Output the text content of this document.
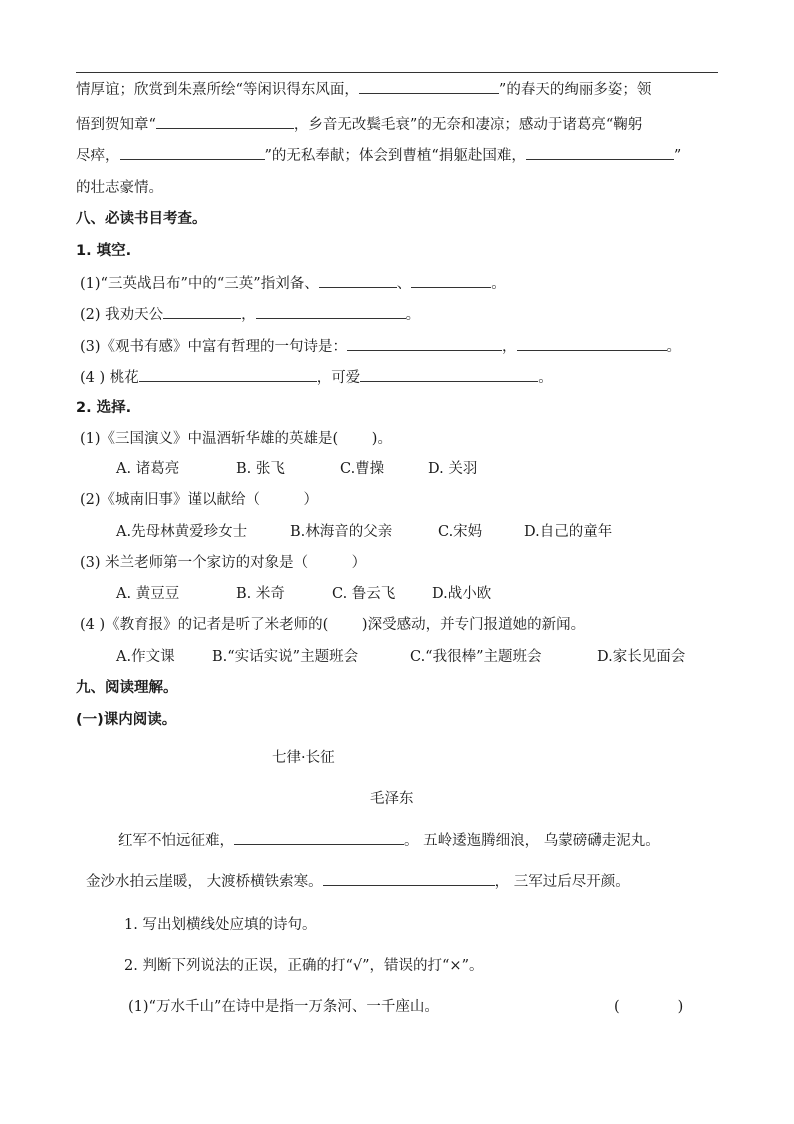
情厚谊；欣赏到朱熹所绘“等闲识得东风面，	”的春天的绚丽多姿；领
悟到贺知章“	，乡音无改鬓毛衰”的无奈和凄凉；感动于诸葛亮“鞠躬
尽瘁，	”的无私奉献；体会到曹植“捐躯赴国难，	”
的壮志豪情。
八、必读书目考查。
1. 填空.
(1)“三英战吕布”中的“三英”指刘备、	、	。
(2) 我劝天公	，	。
(3)《观书有感》中富有哲理的一句诗是：	，	。
(4 ) 桃花	，可爱	。
2. 选择.
(1)《三国演义》中温酒斩华雄的英雄是(　　 )。
A. 诸葛亮	B. 张飞	C.曹操	D. 关羽
(2)《城南旧事》谨以献给（　　　）
A.先母林黄爱珍女士	B.林海音的父亲	C.宋妈	D.自己的童年
(3) 米兰老师第一个家访的对象是（　　　）
A. 黄豆豆	B. 米奇	C. 鲁云飞	D.战小欧
(4 )《教育报》的记者是听了米老师的(　　 )深受感动，并专门报道她的新闻。
A.作文课	B.“实话实说”主题班会	C.“我很棒”主题班会	D.家长见面会
九、阅读理解。
(一)课内阅读。
七律·长征
毛泽东
红军不怕远征难，	。 五岭逶迤腾细浪， 乌蒙磅礴走泥丸。
金沙水拍云崖暖， 大渡桥横铁索寒。	， 三军过后尽开颜。
1. 写出划横线处应填的诗句。
2. 判断下列说法的正误，正确的打“√”，错误的打“×”。
(1)“万水千山”在诗中是指一万条河、一千座山。	(　　　　)
